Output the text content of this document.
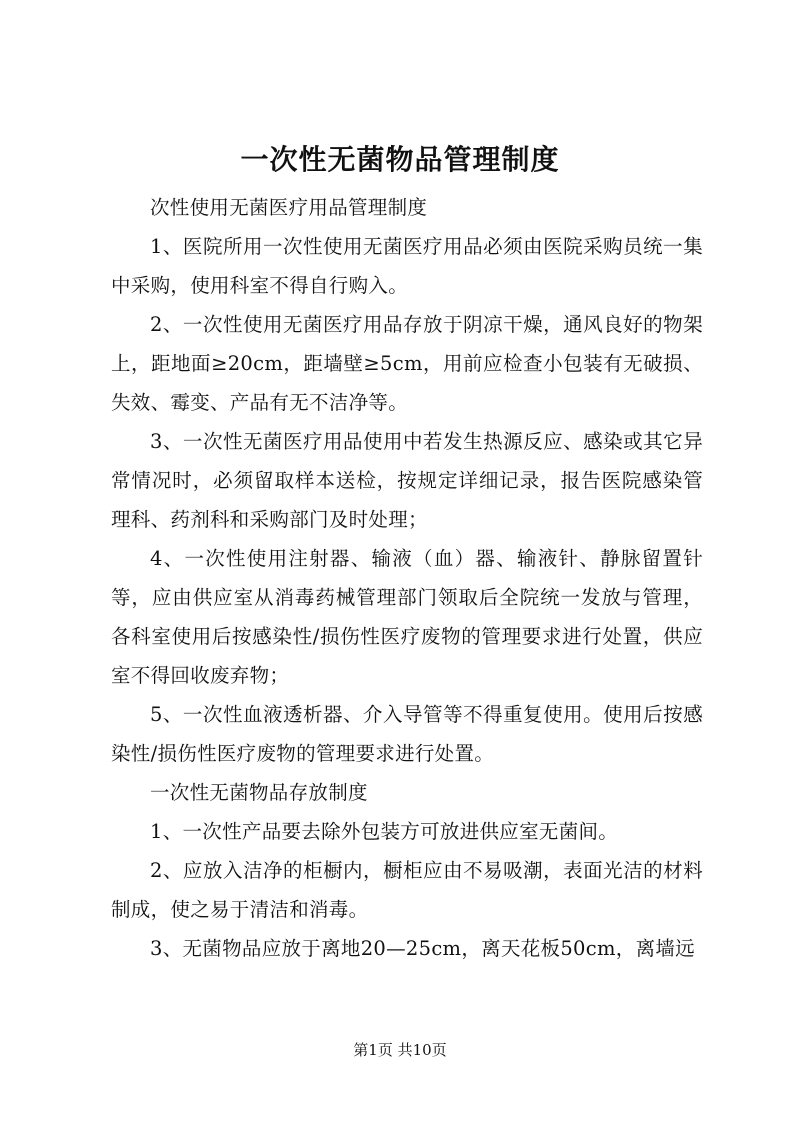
一次性无菌物品管理制度

次性使用无菌医疗用品管理制度

1、医院所用一次性使用无菌医疗用品必须由医院采购员统一集中采购，使用科室不得自行购入。

2、一次性使用无菌医疗用品存放于阴凉干燥，通风良好的物架上，距地面≥20cm，距墙壁≥5cm，用前应检查小包装有无破损、失效、霉变、产品有无不洁净等。

3、一次性无菌医疗用品使用中若发生热源反应、感染或其它异常情况时，必须留取样本送检，按规定详细记录，报告医院感染管理科、药剂科和采购部门及时处理；

4、一次性使用注射器、输液（血）器、输液针、静脉留置针等，应由供应室从消毒药械管理部门领取后全院统一发放与管理，各科室使用后按感染性/损伤性医疗废物的管理要求进行处置，供应室不得回收废弃物；

5、一次性血液透析器、介入导管等不得重复使用。使用后按感染性/损伤性医疗废物的管理要求进行处置。

一次性无菌物品存放制度

1、一次性产品要去除外包装方可放进供应室无菌间。

2、应放入洁净的柜橱内，橱柜应由不易吸潮，表面光洁的材料制成，使之易于清洁和消毒。

3、无菌物品应放于离地20—25cm，离天花板50cm，离墙远

第1页 共10页
